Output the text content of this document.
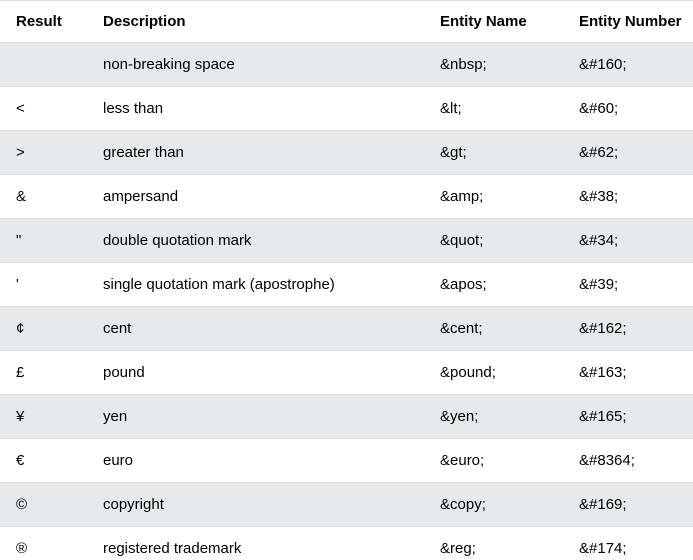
Result	Description	Entity Name	Entity Number
	non-breaking space	&nbsp;	&#160;
<	less than	&lt;	&#60;
>	greater than	&gt;	&#62;
&	ampersand	&amp;	&#38;
"	double quotation mark	&quot;	&#34;
'	single quotation mark (apostrophe)	&apos;	&#39;
¢	cent	&cent;	&#162;
£	pound	&pound;	&#163;
¥	yen	&yen;	&#165;
€	euro	&euro;	&#8364;
©	copyright	&copy;	&#169;
®	registered trademark	&reg;	&#174;
